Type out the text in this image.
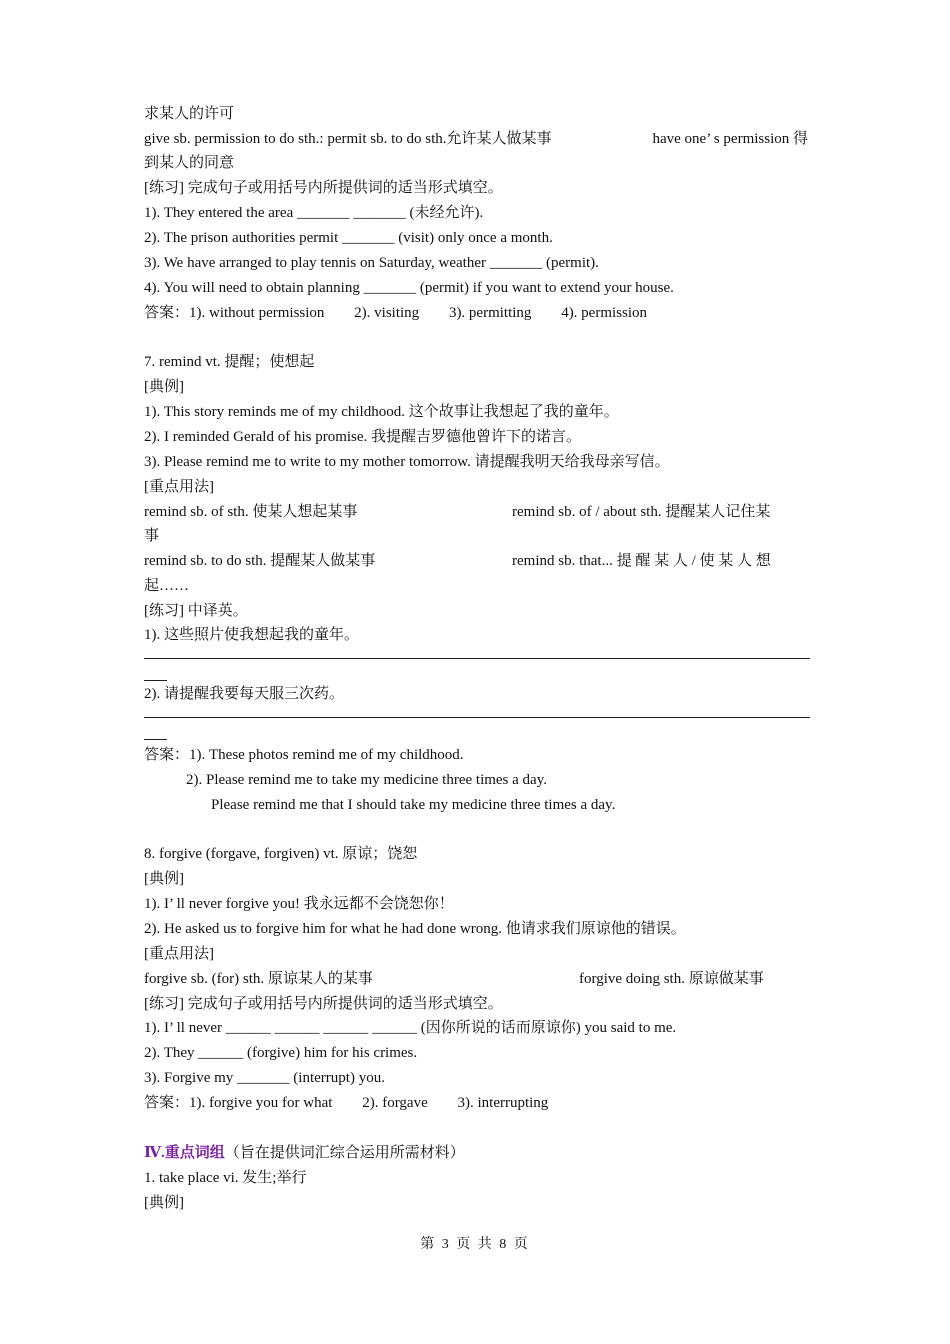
求某人的许可
give sb. permission to do sth.: permit sb. to do sth.允许某人做某事	have one’ s permission 得
到某人的同意
[练习] 完成句子或用括号内所提供词的适当形式填空。
1). They entered the area _______ _______ (未经允许).
2). The prison authorities permit _______ (visit) only once a month.
3). We have arranged to play tennis on Saturday, weather _______ (permit).
4). You will need to obtain planning _______ (permit) if you want to extend your house.
答案：1). without permission 2). visiting 3). permitting 4). permission
7. remind vt. 提醒；使想起
[典例]
1). This story reminds me of my childhood. 这个故事让我想起了我的童年。
2). I reminded Gerald of his promise. 我提醒吉罗德他曾许下的诺言。
3). Please remind me to write to my mother tomorrow. 请提醒我明天给我母亲写信。
[重点用法]
remind sb. of sth. 使某人想起某事	remind sb. of / about sth. 提醒某人记住某
事
remind sb. to do sth. 提醒某人做某事	remind sb. that... 提 醒 某 人 / 使 某 人 想
起……
[练习] 中译英。
1). 这些照片使我想起我的童年。
2). 请提醒我要每天服三次药。
答案：1). These photos remind me of my childhood.
2). Please remind me to take my medicine three times a day.
Please remind me that I should take my medicine three times a day.
8. forgive (forgave, forgiven) vt. 原谅；饶恕
[典例]
1). I’ ll never forgive you! 我永远都不会饶恕你！
2). He asked us to forgive him for what he had done wrong. 他请求我们原谅他的错误。
[重点用法]
forgive sb. (for) sth. 原谅某人的某事	forgive doing sth. 原谅做某事
[练习] 完成句子或用括号内所提供词的适当形式填空。
1). I’ ll never ______ ______ ______ ______ (因你所说的话而原谅你) you said to me.
2). They ______ (forgive) him for his crimes.
3). Forgive my _______ (interrupt) you.
答案：1). forgive you for what 2). forgave 3). interrupting
Ⅳ.重点词组（旨在提供词汇综合运用所需材料）
1. take place vi. 发生;举行
[典例]
第 3 页 共 8 页
